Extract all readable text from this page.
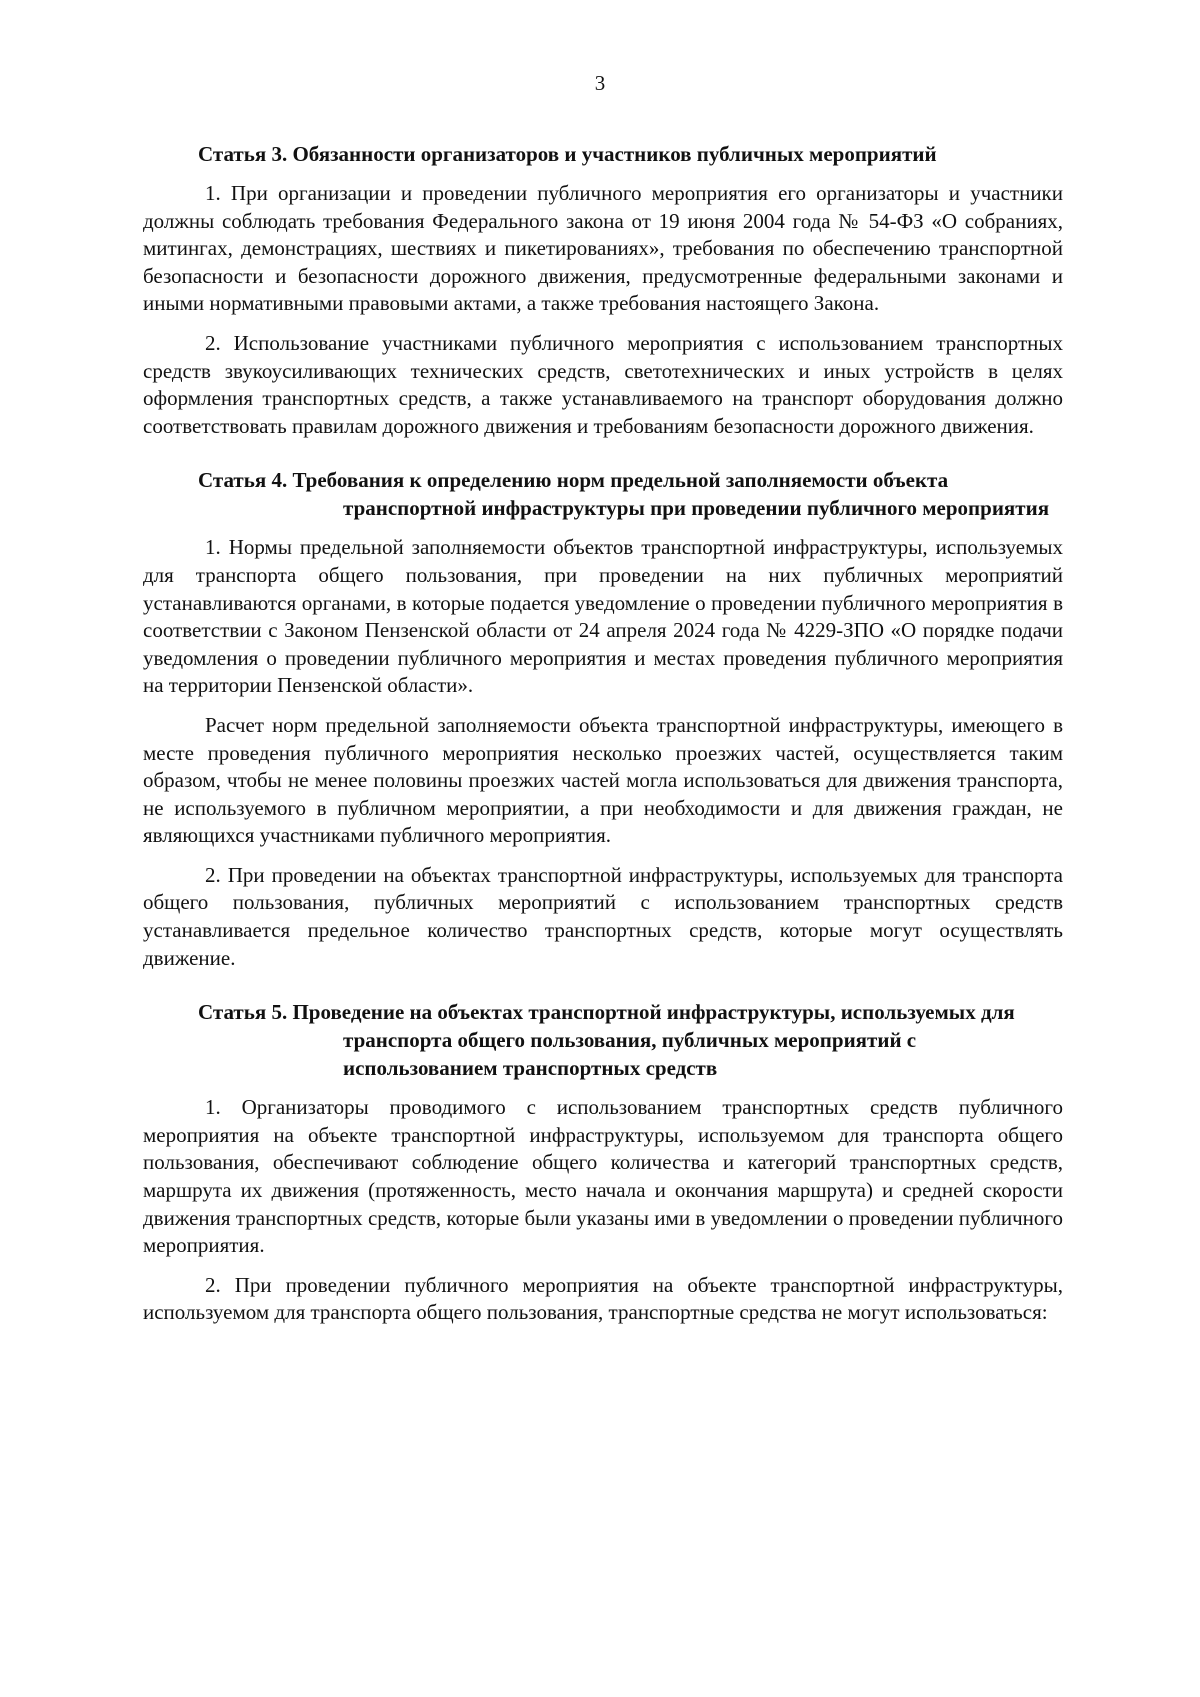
3

Статья 3. Обязанности организаторов и участников публичных мероприятий

1. При организации и проведении публичного мероприятия его организаторы и участники должны соблюдать требования Федерального закона от 19 июня 2004 года № 54-ФЗ «О собраниях, митингах, демонстрациях, шествиях и пикетированиях», требования по обеспечению транспортной безопасности и безопасности дорожного движения, предусмотренные федеральными законами и иными нормативными правовыми актами, а также требования настоящего Закона.

2. Использование участниками публичного мероприятия с использованием транспортных средств звукоусиливающих технических средств, светотехнических и иных устройств в целях оформления транспортных средств, а также устанавливаемого на транспорт оборудования должно соответствовать правилам дорожного движения и требованиям безопасности дорожного движения.

Статья 4. Требования к определению норм предельной заполняемости объекта транспортной инфраструктуры при проведении публичного мероприятия

1. Нормы предельной заполняемости объектов транспортной инфраструктуры, используемых для транспорта общего пользования, при проведении на них публичных мероприятий устанавливаются органами, в которые подается уведомление о проведении публичного мероприятия в соответствии с Законом Пензенской области от 24 апреля 2024 года № 4229-ЗПО «О порядке подачи уведомления о проведении публичного мероприятия и местах проведения публичного мероприятия на территории Пензенской области».

Расчет норм предельной заполняемости объекта транспортной инфраструктуры, имеющего в месте проведения публичного мероприятия несколько проезжих частей, осуществляется таким образом, чтобы не менее половины проезжих частей могла использоваться для движения транспорта, не используемого в публичном мероприятии, а при необходимости и для движения граждан, не являющихся участниками публичного мероприятия.

2. При проведении на объектах транспортной инфраструктуры, используемых для транспорта общего пользования, публичных мероприятий с использованием транспортных средств устанавливается предельное количество транспортных средств, которые могут осуществлять движение.

Статья 5. Проведение на объектах транспортной инфраструктуры, используемых для транспорта общего пользования, публичных мероприятий с использованием транспортных средств

1. Организаторы проводимого с использованием транспортных средств публичного мероприятия на объекте транспортной инфраструктуры, используемом для транспорта общего пользования, обеспечивают соблюдение общего количества и категорий транспортных средств, маршрута их движения (протяженность, место начала и окончания маршрута) и средней скорости движения транспортных средств, которые были указаны ими в уведомлении о проведении публичного мероприятия.

2. При проведении публичного мероприятия на объекте транспортной инфраструктуры, используемом для транспорта общего пользования, транспортные средства не могут использоваться:
